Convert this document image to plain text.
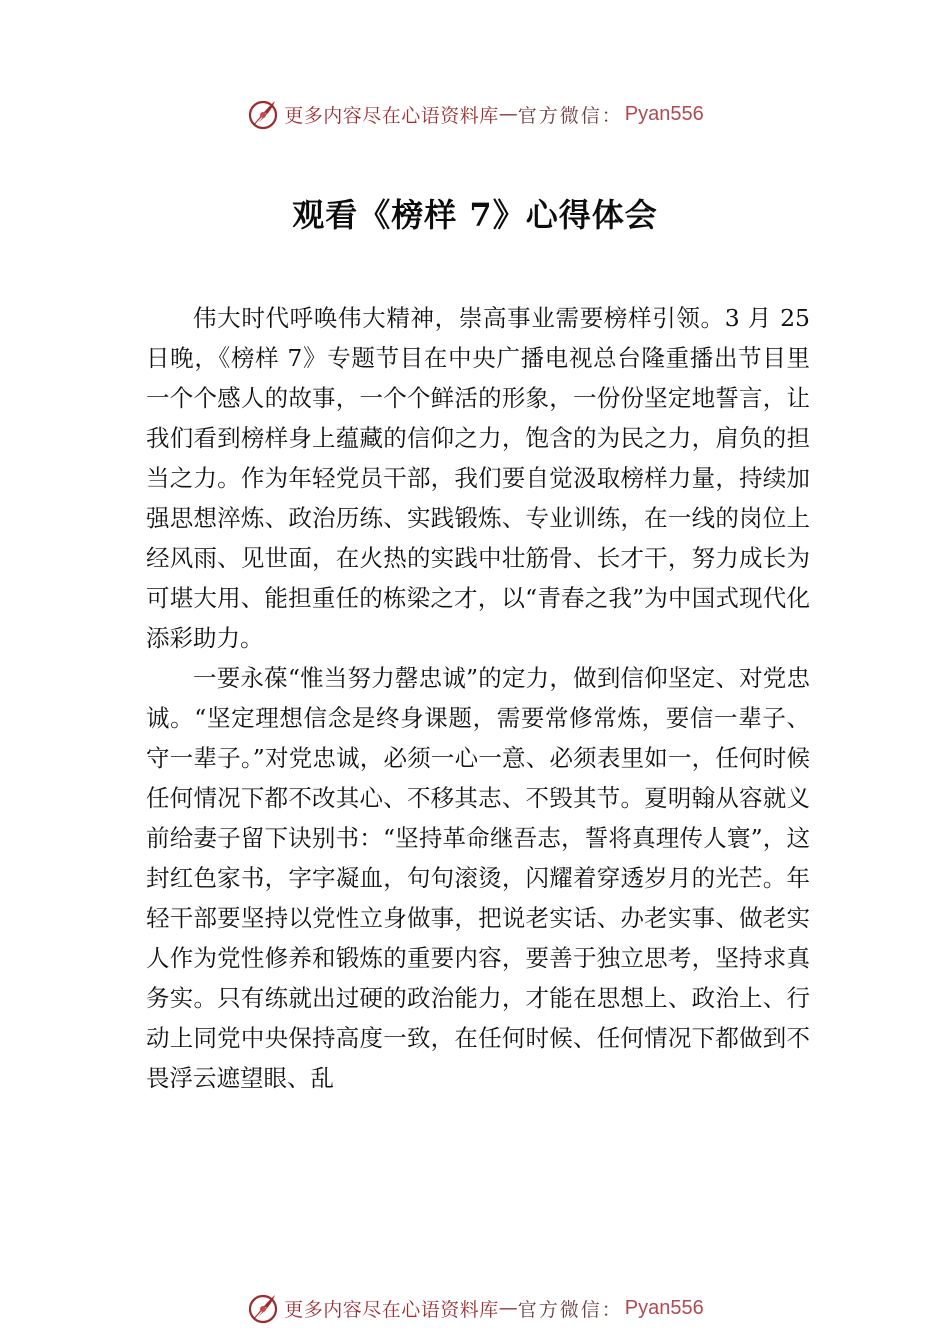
更多内容尽在心语资料库 — 官方微信： Pyan556
观看《榜样 7》心得体会

伟大时代呼唤伟大精神，崇高事业需要榜样引领。3 月 25 日晚，《榜样 7》专题节目在中央广播电视总台隆重播出节目里一个个感人的故事，一个个鲜活的形象，一份份坚定地誓言，让我们看到榜样身上蕴藏的信仰之力，饱含的为民之力，肩负的担当之力。作为年轻党员干部，我们要自觉汲取榜样力量，持续加强思想淬炼、政治历练、实践锻炼、专业训练，在一线的岗位上经风雨、见世面，在火热的实践中壮筋骨、长才干，努力成长为可堪大用、能担重任的栋梁之才，以“青春之我”为中国式现代化添彩助力。

一要永葆“惟当努力罄忠诚”的定力，做到信仰坚定、对党忠诚。“坚定理想信念是终身课题，需要常修常炼，要信一辈子、守一辈子。”对党忠诚，必须一心一意、必须表里如一，任何时候任何情况下都不改其心、不移其志、不毁其节。夏明翰从容就义前给妻子留下诀别书：“坚持革命继吾志，誓将真理传人寰”，这封红色家书，字字凝血，句句滚烫，闪耀着穿透岁月的光芒。年轻干部要坚持以党性立身做事，把说老实话、办老实事、做老实人作为党性修养和锻炼的重要内容，要善于独立思考，坚持求真务实。只有练就出过硬的政治能力，才能在思想上、政治上、行动上同党中央保持高度一致，在任何时候、任何情况下都做到不畏浮云遮望眼、乱

更多内容尽在心语资料库 — 官方微信： Pyan556
